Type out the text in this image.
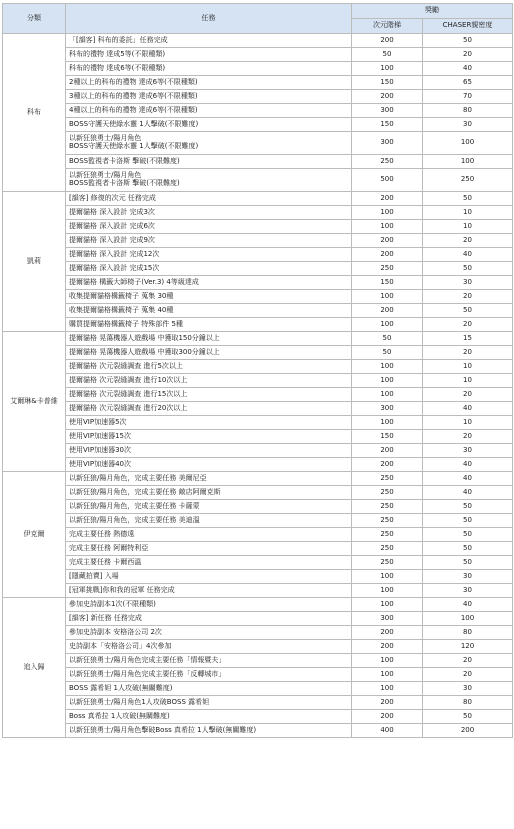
分類	任務	獎勵	
		次元階梯	CHASER親密度
科布	「[韻客] 科布的委託」任務完成	200	50

	科布的禮物 達成5等(不限種類)	50	20

	科布的禮物 達成6等(不限種類)	100	40

	2種以上的科布的禮物 達成6等(不限種類)	150	65

	3種以上的科布的禮物 達成6等(不限種類)	200	70

	4種以上的科布的禮物 達成6等(不限種類)	300	80

	BOSS守護天使綠水靈 1人擊破(不限難度)	150	30

	以新狂狼勇士/陽月角色
BOSS守護天使綠水靈 1人擊破(不限難度)	300	100

	BOSS監視者卡洛斯 擊破(不限難度)	250	100

	以新狂狼勇士/陽月角色
BOSS監視者卡洛斯 擊破(不限難度)	500	250
凱莉	[韻客] 修復的次元 任務完成	200	50

	提爾貓格 深入設計 完成3次	100	10

	提爾貓格 深入設計 完成6次	100	10

	提爾貓格 深入設計 完成9次	200	20

	提爾貓格 深入設計 完成12次	200	40

	提爾貓格 深入設計 完成15次	250	50

	提爾貓格 構籤大師椅子(Ver.3) 4等級達成	150	30

	收集提爾貓格構籤椅子 蒐集 30種	100	20

	收集提爾貓格構籤椅子 蒐集 40種	200	50

	購買提爾貓格構籤椅子 特殊部件 5種	100	20
艾爾琳&卡普維	提爾貓格 晃蕩機器人遊戲場 中獲取150分鐘以上	50	15

	提爾貓格 晃蕩機器人遊戲場 中獲取300分鐘以上	50	20

	提爾貓格 次元裂縫調查 進行5次以上	100	10

	提爾貓格 次元裂縫調查 進行10次以上	100	10

	提爾貓格 次元裂縫調查 進行15次以上	100	20

	提爾貓格 次元裂縫調查 進行20次以上	300	40

	使用VIP加速器5次	100	10

	使用VIP加速器15次	150	20

	使用VIP加速器30次	200	30

	使用VIP加速器40次	200	40
伊克爾	以新狂狼/陽月角色，完成主要任務 美爾尼亞	250	40

	以新狂狼/陽月角色，完成主要任務 敵店阿爾克斯	250	40

	以新狂狼/陽月角色，完成主要任務 卡薩蒙	250	50

	以新狂狼/陽月角色，完成主要任務 美迪溫	250	50

	完成主要任務 熱德遠	250	50

	完成主要任務 阿爾特利亞	250	50

	完成主要任務 卡爾西溫	250	50

	[隱藏拍賣] 入場	100	30

	[冠軍挑戰]你和我的冠軍 任務完成	100	30
追入歸	參加史詩副本1次(不限種類)	100	40

	[韻客] 新任務 任務完成	300	100

	參加史詩副本 安格洛公司 2次	200	80

	史詩副本「安格洛公司」4次參加	200	120

	以新狂狼勇士/陽月角色完成主要任務「情報暨夫」	100	20

	以新狂狼勇士/陽月角色完成主要任務「反轉城市」	100	20

	BOSS 露希妲 1人攻破(無關難度)	100	30

	以新狂狼勇士/陽月角色1人攻破BOSS 露希妲	200	80

	Boss 真希拉 1人攻破(無關難度)	200	50

	以新狂狼勇士/陽月角色擊破Boss 真希拉 1人擊破(無關難度)	400	200
